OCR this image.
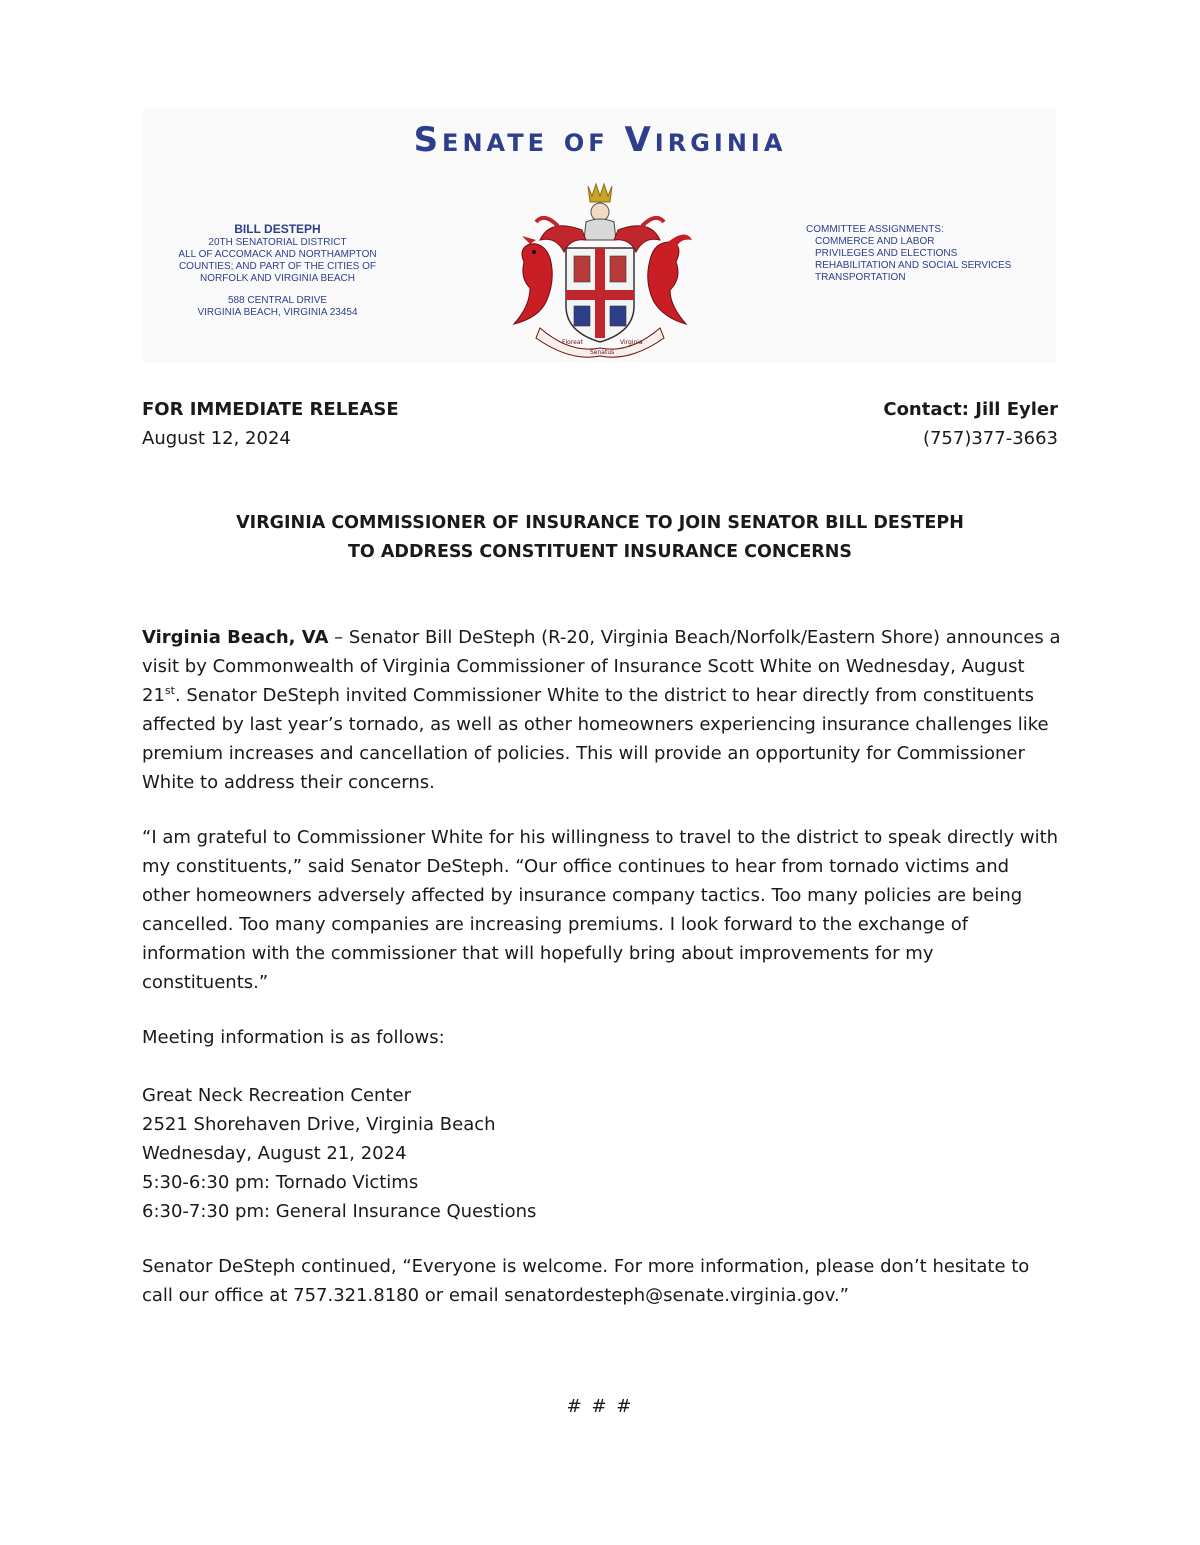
Senate of Virginia
BILL DESTEPH
20TH SENATORIAL DISTRICT
ALL OF ACCOMACK AND NORTHAMPTON
COUNTIES; AND PART OF THE CITIES OF
NORFOLK AND VIRGINIA BEACH
588 CENTRAL DRIVE
VIRGINIA BEACH, VIRGINIA 23454
Floreat
Senatus
Virginia
COMMITTEE ASSIGNMENTS:
COMMERCE AND LABOR
PRIVILEGES AND ELECTIONS
REHABILITATION AND SOCIAL SERVICES
TRANSPORTATION
FOR IMMEDIATE RELEASE
August 12, 2024
Contact: Jill Eyler
(757)377-3663
VIRGINIA COMMISSIONER OF INSURANCE TO JOIN SENATOR BILL DESTEPH
TO ADDRESS CONSTITUENT INSURANCE CONCERNS

Virginia Beach, VA – Senator Bill DeSteph (R-20, Virginia Beach/Norfolk/Eastern Shore) announces a visit by Commonwealth of Virginia Commissioner of Insurance Scott White on Wednesday, August 21st. Senator DeSteph invited Commissioner White to the district to hear directly from constituents affected by last year’s tornado, as well as other homeowners experiencing insurance challenges like premium increases and cancellation of policies. This will provide an opportunity for Commissioner White to address their concerns.

“I am grateful to Commissioner White for his willingness to travel to the district to speak directly with my constituents,” said Senator DeSteph. “Our office continues to hear from tornado victims and other homeowners adversely affected by insurance company tactics. Too many policies are being cancelled. Too many companies are increasing premiums. I look forward to the exchange of information with the commissioner that will hopefully bring about improvements for my constituents.”

Meeting information is as follows:

Great Neck Recreation Center
2521 Shorehaven Drive, Virginia Beach
Wednesday, August 21, 2024
5:30-6:30 pm: Tornado Victims
6:30-7:30 pm: General Insurance Questions

Senator DeSteph continued, “Everyone is welcome. For more information, please don’t hesitate to call our office at 757.321.8180 or email senatordesteph@senate.virginia.gov.”

# # #
